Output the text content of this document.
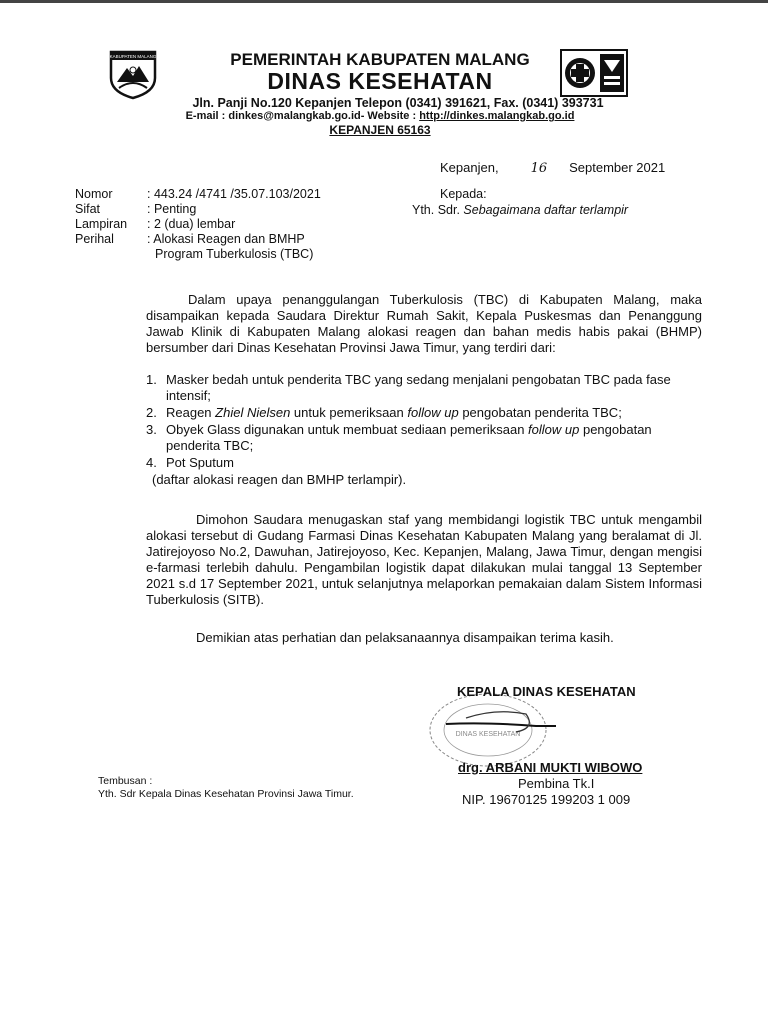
KABUPATEN MALANG	PEMERINTAH KABUPATEN MALANG
DINAS KESEHATAN
Jln. Panji No.120 Kepanjen Telepon (0341) 391621, Fax. (0341) 393731
E-mail : dinkes@malangkab.go.id- Website : http://dinkes.malangkab.go.id
KEPANJEN 65163
Kepanjen, 16 September 2021
Nomor	: 443.24 /4741 /35.07.103/2021
Sifat	: Penting
Lampiran	: 2 (dua) lembar
Perihal	: Alokasi Reagen dan BMHP
Program Tuberkulosis (TBC)
Kepada:
Yth. Sdr. Sebagaimana daftar terlampir
Dalam upaya penanggulangan Tuberkulosis (TBC) di Kabupaten Malang, maka disampaikan kepada Saudara Direktur Rumah Sakit, Kepala Puskesmas dan Penanggung Jawab Klinik di Kabupaten Malang alokasi reagen dan bahan medis habis pakai (BHMP) bersumber dari Dinas Kesehatan Provinsi Jawa Timur, yang terdiri dari:
1. Masker bedah untuk penderita TBC yang sedang menjalani pengobatan TBC pada fase intensif;
2. Reagen Zhiel Nielsen untuk pemeriksaan follow up pengobatan penderita TBC;
3. Obyek Glass digunakan untuk membuat sediaan pemeriksaan follow up pengobatan penderita TBC;
4. Pot Sputum
(daftar alokasi reagen dan BMHP terlampir).
Dimohon Saudara menugaskan staf yang membidangi logistik TBC untuk mengambil alokasi tersebut di Gudang Farmasi Dinas Kesehatan Kabupaten Malang yang beralamat di Jl. Jatirejoyoso No.2, Dawuhan, Jatirejoyoso, Kec. Kepanjen, Malang, Jawa Timur, dengan mengisi e-farmasi terlebih dahulu. Pengambilan logistik dapat dilakukan mulai tanggal 13 September 2021 s.d 17 September 2021, untuk selanjutnya melaporkan pemakaian dalam Sistem Informasi Tuberkulosis (SITB).
Demikian atas perhatian dan pelaksanaannya disampaikan terima kasih.
DINAS KESEHATAN
KEPALA DINAS KESEHATAN
drg. ARBANI MUKTI WIBOWO
Pembina Tk.I
NIP. 19670125 199203 1 009
Tembusan :
Yth. Sdr Kepala Dinas Kesehatan Provinsi Jawa Timur.
